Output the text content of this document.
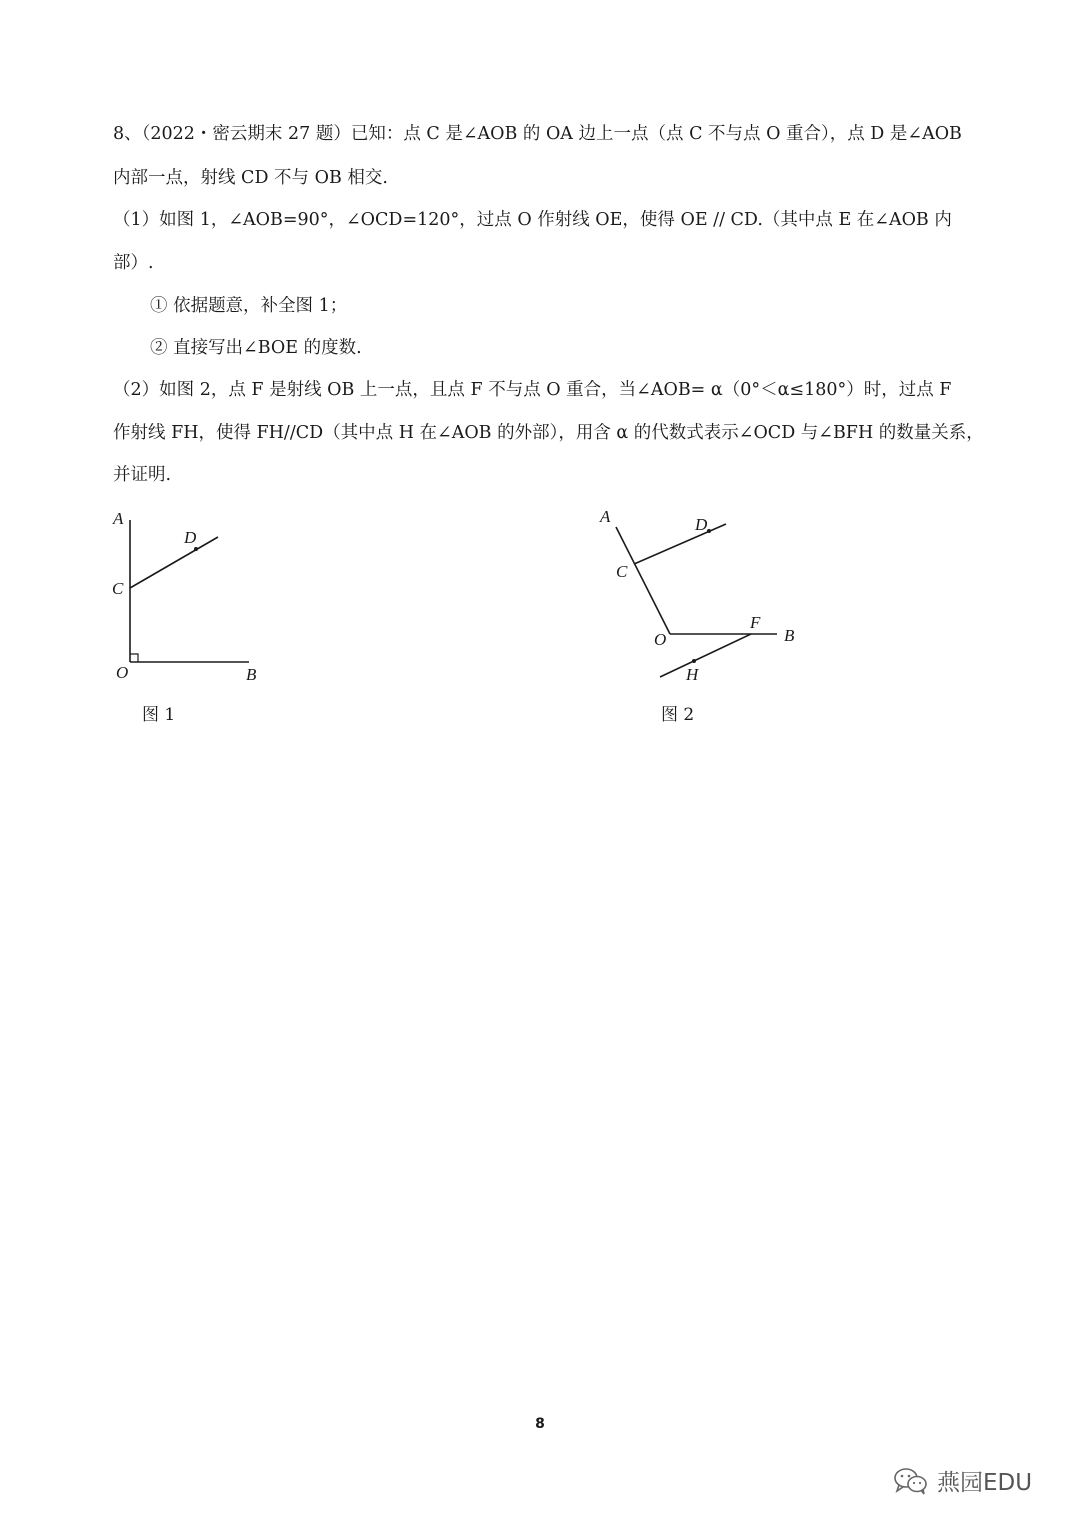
8、（2022・密云期末 27 题）已知：点 C 是∠AOB 的 OA 边上一点（点 C 不与点 O 重合），点 D 是∠AOB
内部一点，射线 CD 不与 OB 相交.
（1）如图 1，∠AOB=90°，∠OCD=120°，过点 O 作射线 OE，使得 OE // CD.（其中点 E 在∠AOB 内
部）.
① 依据题意，补全图 1；
② 直接写出∠BOE 的度数.
（2）如图 2，点 F 是射线 OB 上一点，且点 F 不与点 O 重合，当∠AOB= α（0°＜α≤180°）时，过点 F
作射线 FH，使得 FH//CD（其中点 H 在∠AOB 的外部），用含 α 的代数式表示∠OCD 与∠BFH 的数量关系，
并证明.
A
D
C
O	B
图 1
A	D
C
O
F
B
H
图 2
8
燕园EDU
